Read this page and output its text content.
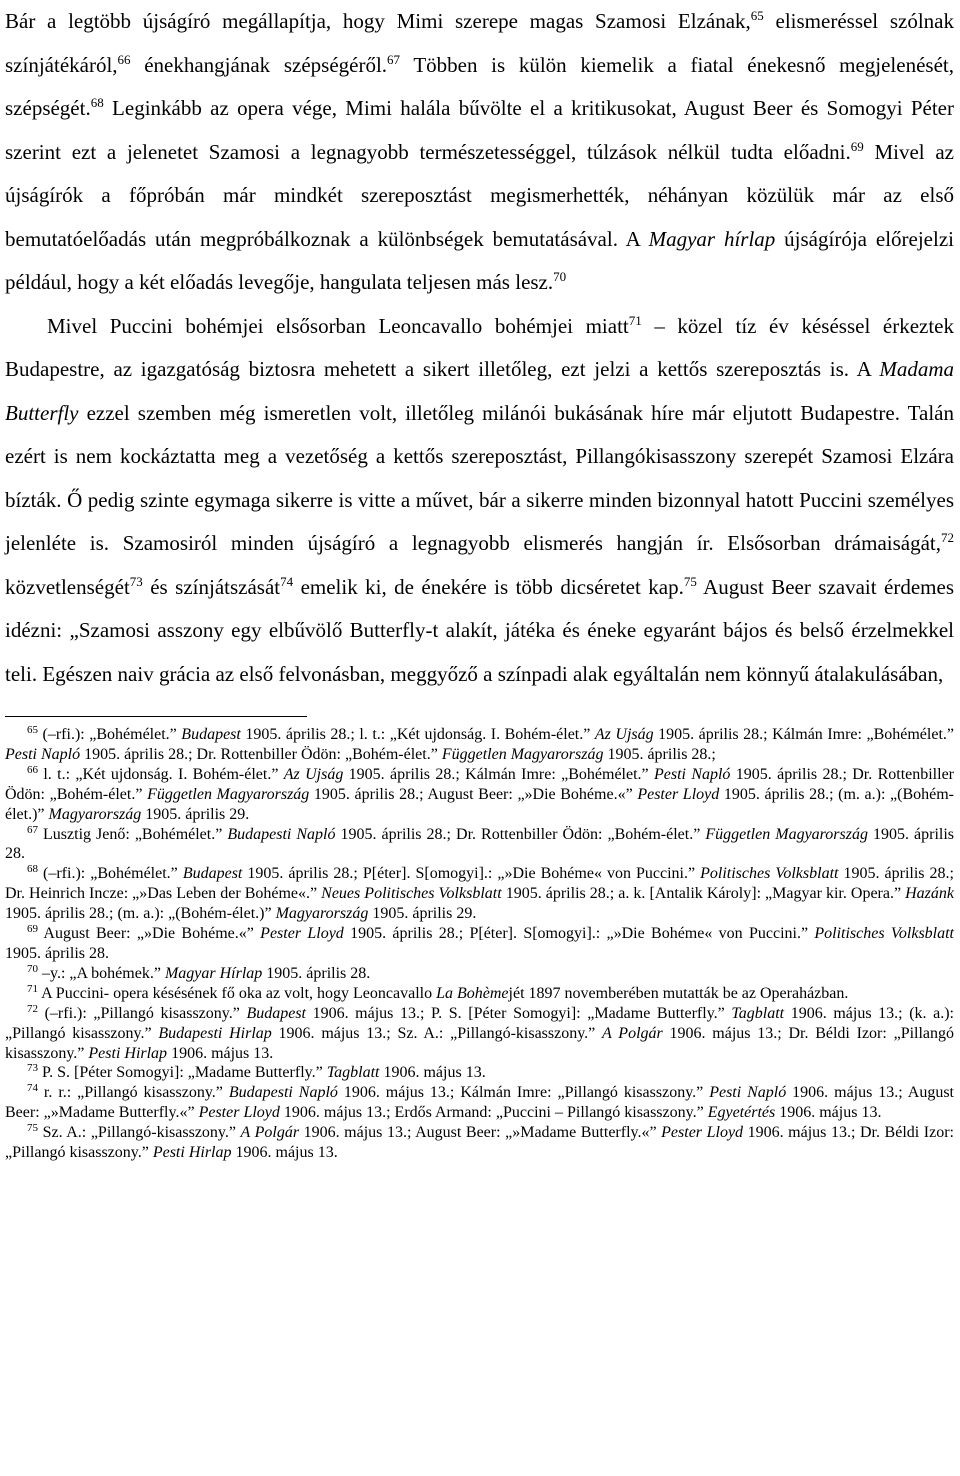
Bár a legtöbb újságíró megállapítja, hogy Mimi szerepe magas Szamosi Elzának,$^{65}$ elismeréssel szólnak színjátékáról,$^{66}$ énekhangjának szépségéről.$^{67}$ Többen is külön kiemelik a fiatal énekesnő megjelenését, szépségét.$^{68}$ Leginkább az opera vége, Mimi halála bűvölte el a kritikusokat, August Beer és Somogyi Péter szerint ezt a jelenetet Szamosi a legnagyobb természetességgel, túlzások nélkül tudta előadni.$^{69}$ Mivel az újságírók a főpróbán már mindkét szereposztást megismerhették, néhányan közülük már az első bemutatóelőadás után megpróbálkoznak a különbségek bemutatásával. A Magyar hírlap újságírója előrejelzi például, hogy a két előadás levegője, hangulata teljesen más lesz.$^{70}$

Mivel Puccini bohémjei elsősorban Leoncavallo bohémjei miatt$^{71}$ – közel tíz év késéssel érkeztek Budapestre, az igazgatóság biztosra mehetett a sikert illetőleg, ezt jelzi a kettős szereposztás is. A Madama Butterfly ezzel szemben még ismeretlen volt, illetőleg milánói bukásának híre már eljutott Budapestre. Talán ezért is nem kockáztatta meg a vezetőség a kettős szereposztást, Pillangókisasszony szerepét Szamosi Elzára bízták. Ő pedig szinte egymaga sikerre is vitte a művet, bár a sikerre minden bizonnyal hatott Puccini személyes jelenléte is. Szamosiról minden újságíró a legnagyobb elismerés hangján ír. Elsősorban drámaiságát,$^{72}$ közvetlenségét$^{73}$ és színjátszását$^{74}$ emelik ki, de énekére is több dicséretet kap.$^{75}$ August Beer szavait érdemes idézni: „Szamosi asszony egy elbűvölő Butterfly-t alakít, játéka és éneke egyaránt bájos és belső érzelmekkel teli. Egészen naiv grácia az első felvonásban, meggyőző a színpadi alak egyáltalán nem könnyű átalakulásában,

$^{65}$ (–rfi.): „Bohémélet.” Budapest 1905. április 28.; l. t.: „Két ujdonság. I. Bohém-élet.” Az Ujság 1905. április 28.; Kálmán Imre: „Bohémélet.” Pesti Napló 1905. április 28.; Dr. Rottenbiller Ödön: „Bohém-élet.” Független Magyarország 1905. április 28.;

$^{66}$ l. t.: „Két ujdonság. I. Bohém-élet.” Az Ujság 1905. április 28.; Kálmán Imre: „Bohémélet.” Pesti Napló 1905. április 28.; Dr. Rottenbiller Ödön: „Bohém-élet.” Független Magyarország 1905. április 28.; August Beer: „»Die Bohéme.«” Pester Lloyd 1905. április 28.; (m. a.): „(Bohém-élet.)” Magyarország 1905. április 29.

$^{67}$ Lusztig Jenő: „Bohémélet.” Budapesti Napló 1905. április 28.; Dr. Rottenbiller Ödön: „Bohém-élet.” Független Magyarország 1905. április 28.

$^{68}$ (–rfi.): „Bohémélet.” Budapest 1905. április 28.; P[éter]. S[omogyi].: „»Die Bohéme« von Puccini.” Politisches Volksblatt 1905. április 28.; Dr. Heinrich Incze: „»Das Leben der Bohéme«.” Neues Politisches Volksblatt 1905. április 28.; a. k. [Antalik Károly]: „Magyar kir. Opera.” Hazánk 1905. április 28.; (m. a.): „(Bohém-élet.)” Magyarország 1905. április 29.

$^{69}$ August Beer: „»Die Bohéme.«” Pester Lloyd 1905. április 28.; P[éter]. S[omogyi].: „»Die Bohéme« von Puccini.” Politisches Volksblatt 1905. április 28.

$^{70}$ –y.: „A bohémek.” Magyar Hírlap 1905. április 28.

$^{71}$ A Puccini- opera késésének fő oka az volt, hogy Leoncavallo La Bohèmejét 1897 novemberében mutatták be az Operaházban.

$^{72}$ (–rfi.): „Pillangó kisasszony.” Budapest 1906. május 13.; P. S. [Péter Somogyi]: „Madame Butterfly.” Tagblatt 1906. május 13.; (k. a.): „Pillangó kisasszony.” Budapesti Hirlap 1906. május 13.; Sz. A.: „Pillangó-kisasszony.” A Polgár 1906. május 13.; Dr. Béldi Izor: „Pillangó kisasszony.” Pesti Hirlap 1906. május 13.

$^{73}$ P. S. [Péter Somogyi]: „Madame Butterfly.” Tagblatt 1906. május 13.

$^{74}$ r. r.: „Pillangó kisasszony.” Budapesti Napló 1906. május 13.; Kálmán Imre: „Pillangó kisasszony.” Pesti Napló 1906. május 13.; August Beer: „»Madame Butterfly.«” Pester Lloyd 1906. május 13.; Erdős Armand: „Puccini – Pillangó kisasszony.” Egyetértés 1906. május 13.

$^{75}$ Sz. A.: „Pillangó-kisasszony.” A Polgár 1906. május 13.; August Beer: „»Madame Butterfly.«” Pester Lloyd 1906. május 13.; Dr. Béldi Izor: „Pillangó kisasszony.” Pesti Hirlap 1906. május 13.
